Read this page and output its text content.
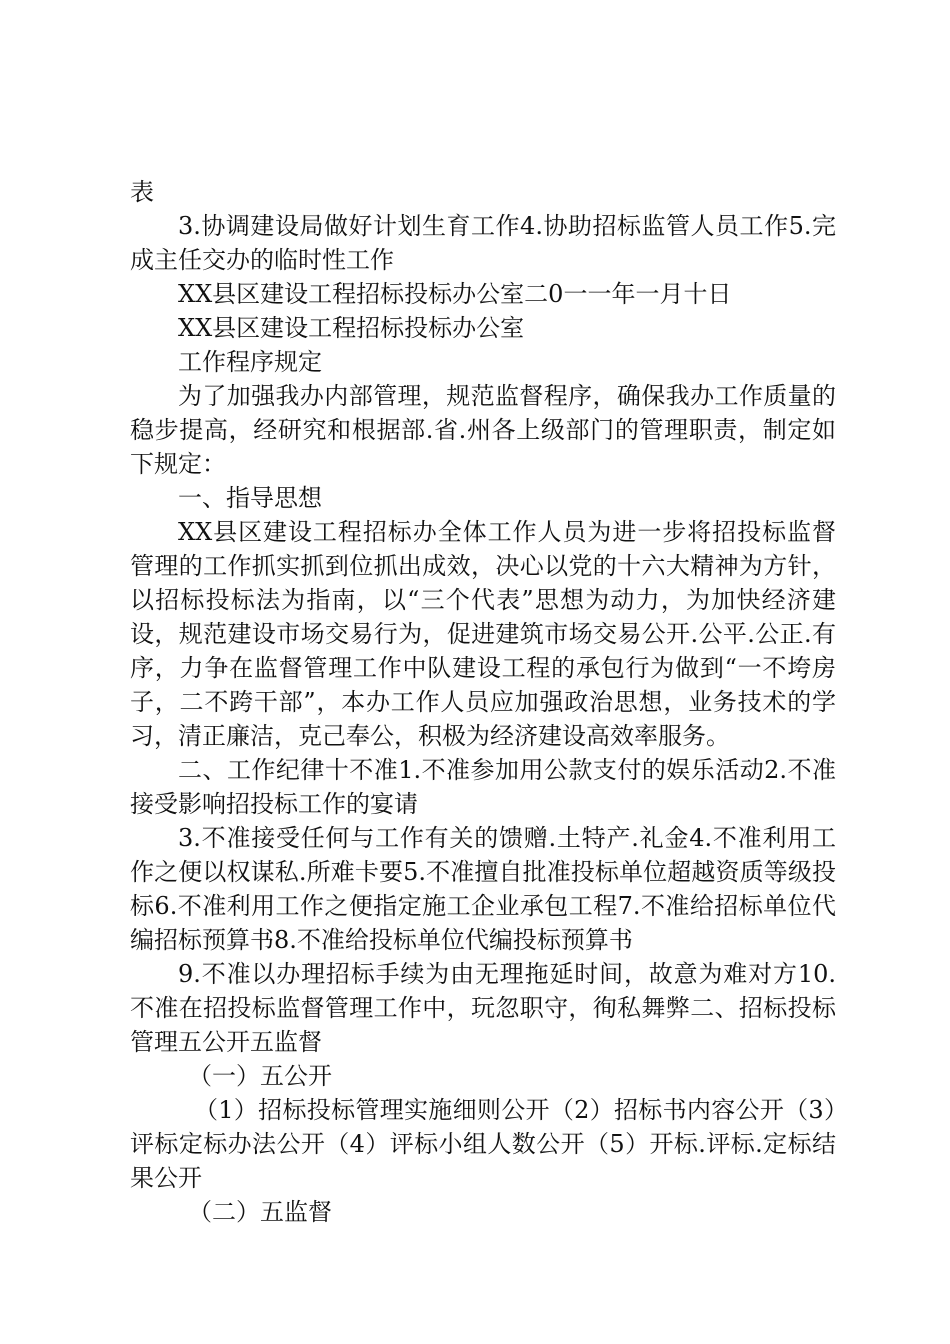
表

3.协调建设局做好计划生育工作4.协助招标监管人员工作5.完成主任交办的临时性工作

XX县区建设工程招标投标办公室二0一一年一月十日

XX县区建设工程招标投标办公室

工作程序规定

为了加强我办内部管理，规范监督程序，确保我办工作质量的稳步提高，经研究和根据部.省.州各上级部门的管理职责，制定如下规定：

一、指导思想

XX县区建设工程招标办全体工作人员为进一步将招投标监督管理的工作抓实抓到位抓出成效，决心以党的十六大精神为方针，以招标投标法为指南，以“三个代表”思想为动力，为加快经济建设，规范建设市场交易行为，促进建筑市场交易公开.公平.公正.有序，力争在监督管理工作中队建设工程的承包行为做到“一不垮房子，二不跨干部”，本办工作人员应加强政治思想，业务技术的学习，清正廉洁，克己奉公，积极为经济建设高效率服务。

二、工作纪律十不准1.不准参加用公款支付的娱乐活动2.不准接受影响招投标工作的宴请

3.不准接受任何与工作有关的馈赠.土特产.礼金4.不准利用工作之便以权谋私.所难卡要5.不准擅自批准投标单位超越资质等级投标6.不准利用工作之便指定施工企业承包工程7.不准给招标单位代编招标预算书8.不准给投标单位代编投标预算书

9.不准以办理招标手续为由无理拖延时间，故意为难对方10.不准在招投标监督管理工作中，玩忽职守，徇私舞弊二、招标投标管理五公开五监督

（一）五公开

（1）招标投标管理实施细则公开（2）招标书内容公开（3）评标定标办法公开（4）评标小组人数公开（5）开标.评标.定标结果公开

（二）五监督
